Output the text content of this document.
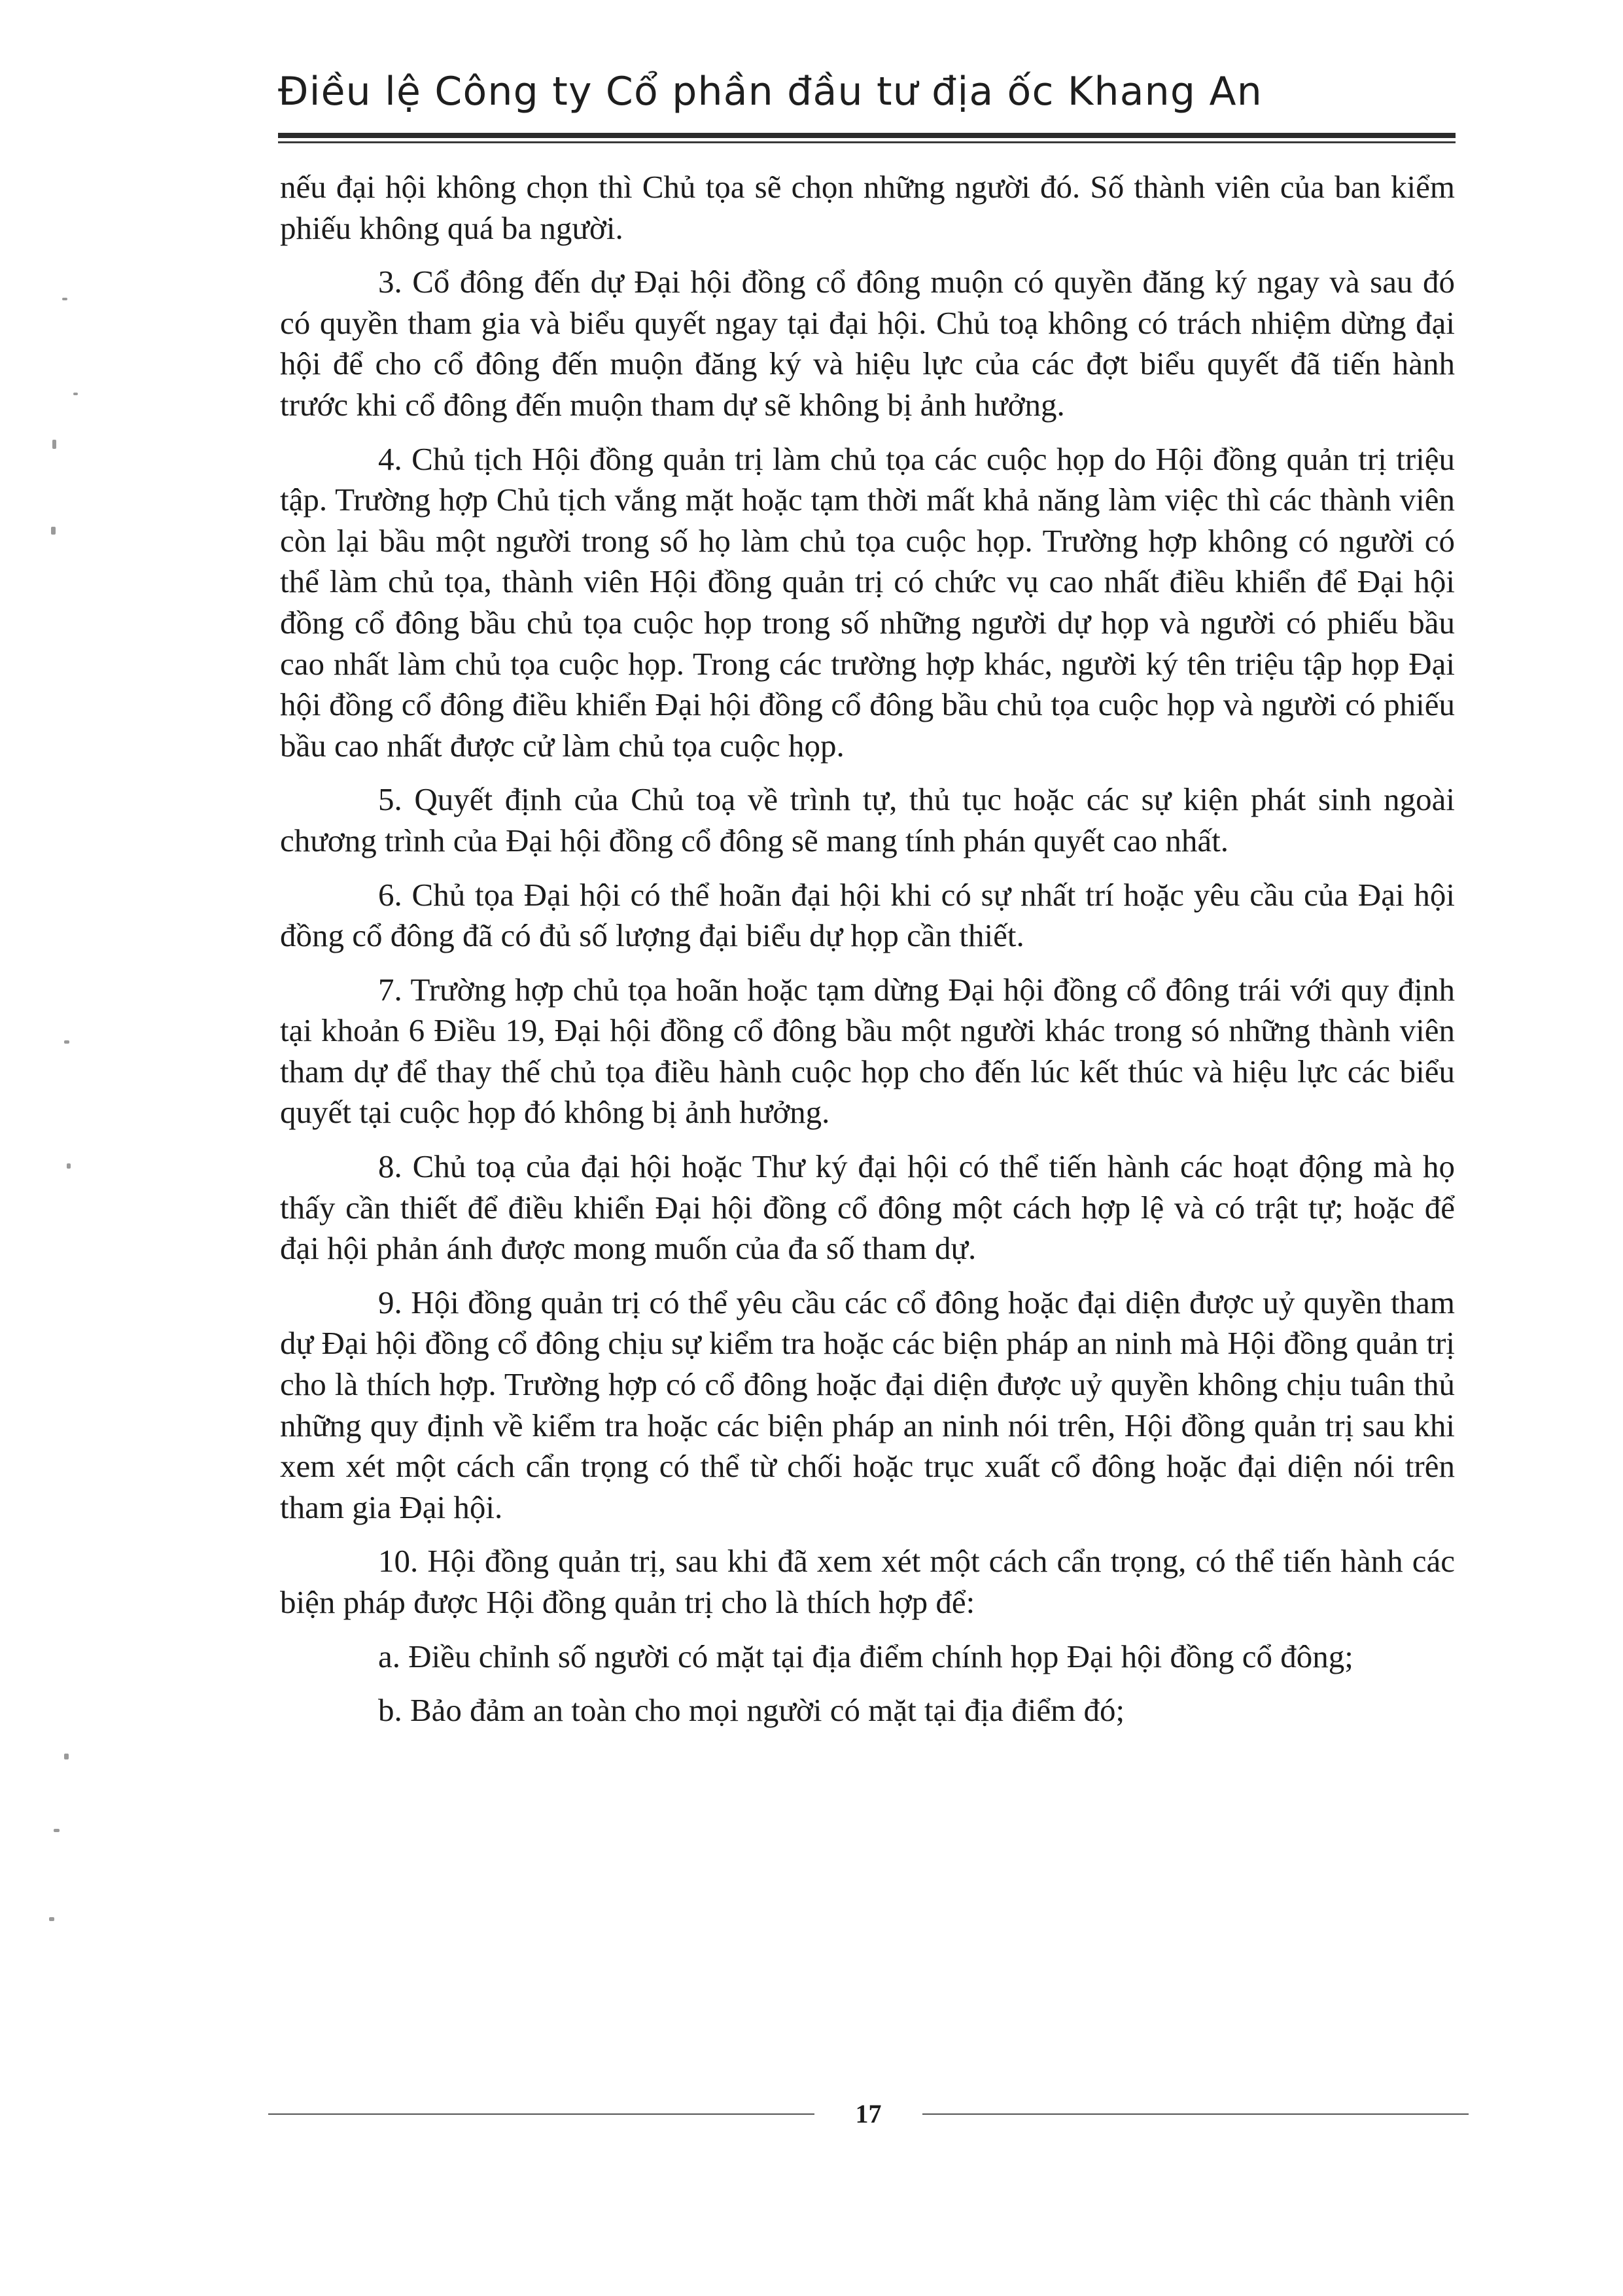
Điều lệ Công ty Cổ phần đầu tư địa ốc Khang An

nếu đại hội không chọn thì Chủ tọa sẽ chọn những người đó. Số thành viên của ban kiểm phiếu không quá ba người.

3. Cổ đông đến dự Đại hội đồng cổ đông muộn có quyền đăng ký ngay và sau đó có quyền tham gia và biểu quyết ngay tại đại hội. Chủ toạ không có trách nhiệm dừng đại hội để cho cổ đông đến muộn đăng ký và hiệu lực của các đợt biểu quyết đã tiến hành trước khi cổ đông đến muộn tham dự sẽ không bị ảnh hưởng.

4. Chủ tịch Hội đồng quản trị làm chủ tọa các cuộc họp do Hội đồng quản trị triệu tập. Trường hợp Chủ tịch vắng mặt hoặc tạm thời mất khả năng làm việc thì các thành viên còn lại bầu một người trong số họ làm chủ tọa cuộc họp. Trường hợp không có người có thể làm chủ tọa, thành viên Hội đồng quản trị có chức vụ cao nhất điều khiển để Đại hội đồng cổ đông bầu chủ tọa cuộc họp trong số những người dự họp và người có phiếu bầu cao nhất làm chủ tọa cuộc họp. Trong các trường hợp khác, người ký tên triệu tập họp Đại hội đồng cổ đông điều khiển Đại hội đồng cổ đông bầu chủ tọa cuộc họp và người có phiếu bầu cao nhất được cử làm chủ tọa cuộc họp.

5. Quyết định của Chủ toạ về trình tự, thủ tục hoặc các sự kiện phát sinh ngoài chương trình của Đại hội đồng cổ đông sẽ mang tính phán quyết cao nhất.

6. Chủ tọa Đại hội có thể hoãn đại hội khi có sự nhất trí hoặc yêu cầu của Đại hội đồng cổ đông đã có đủ số lượng đại biểu dự họp cần thiết.

7. Trường hợp chủ tọa hoãn hoặc tạm dừng Đại hội đồng cổ đông trái với quy định tại khoản 6 Điều 19, Đại hội đồng cổ đông bầu một người khác trong só những thành viên tham dự để thay thế chủ tọa điều hành cuộc họp cho đến lúc kết thúc và hiệu lực các biểu quyết tại cuộc họp đó không bị ảnh hưởng.

8. Chủ toạ của đại hội hoặc Thư ký đại hội có thể tiến hành các hoạt động mà họ thấy cần thiết để điều khiển Đại hội đồng cổ đông một cách hợp lệ và có trật tự; hoặc để đại hội phản ánh được mong muốn của đa số tham dự.

9. Hội đồng quản trị có thể yêu cầu các cổ đông hoặc đại diện được uỷ quyền tham dự Đại hội đồng cổ đông chịu sự kiểm tra hoặc các biện pháp an ninh mà Hội đồng quản trị cho là thích hợp. Trường hợp có cổ đông hoặc đại diện được uỷ quyền không chịu tuân thủ những quy định về kiểm tra hoặc các biện pháp an ninh nói trên, Hội đồng quản trị sau khi xem xét một cách cẩn trọng có thể từ chối hoặc trục xuất cổ đông hoặc đại diện nói trên tham gia Đại hội.

10. Hội đồng quản trị, sau khi đã xem xét một cách cẩn trọng, có thể tiến hành các biện pháp được Hội đồng quản trị cho là thích hợp để:

a. Điều chỉnh số người có mặt tại địa điểm chính họp Đại hội đồng cổ đông;

b. Bảo đảm an toàn cho mọi người có mặt tại địa điểm đó;

17
